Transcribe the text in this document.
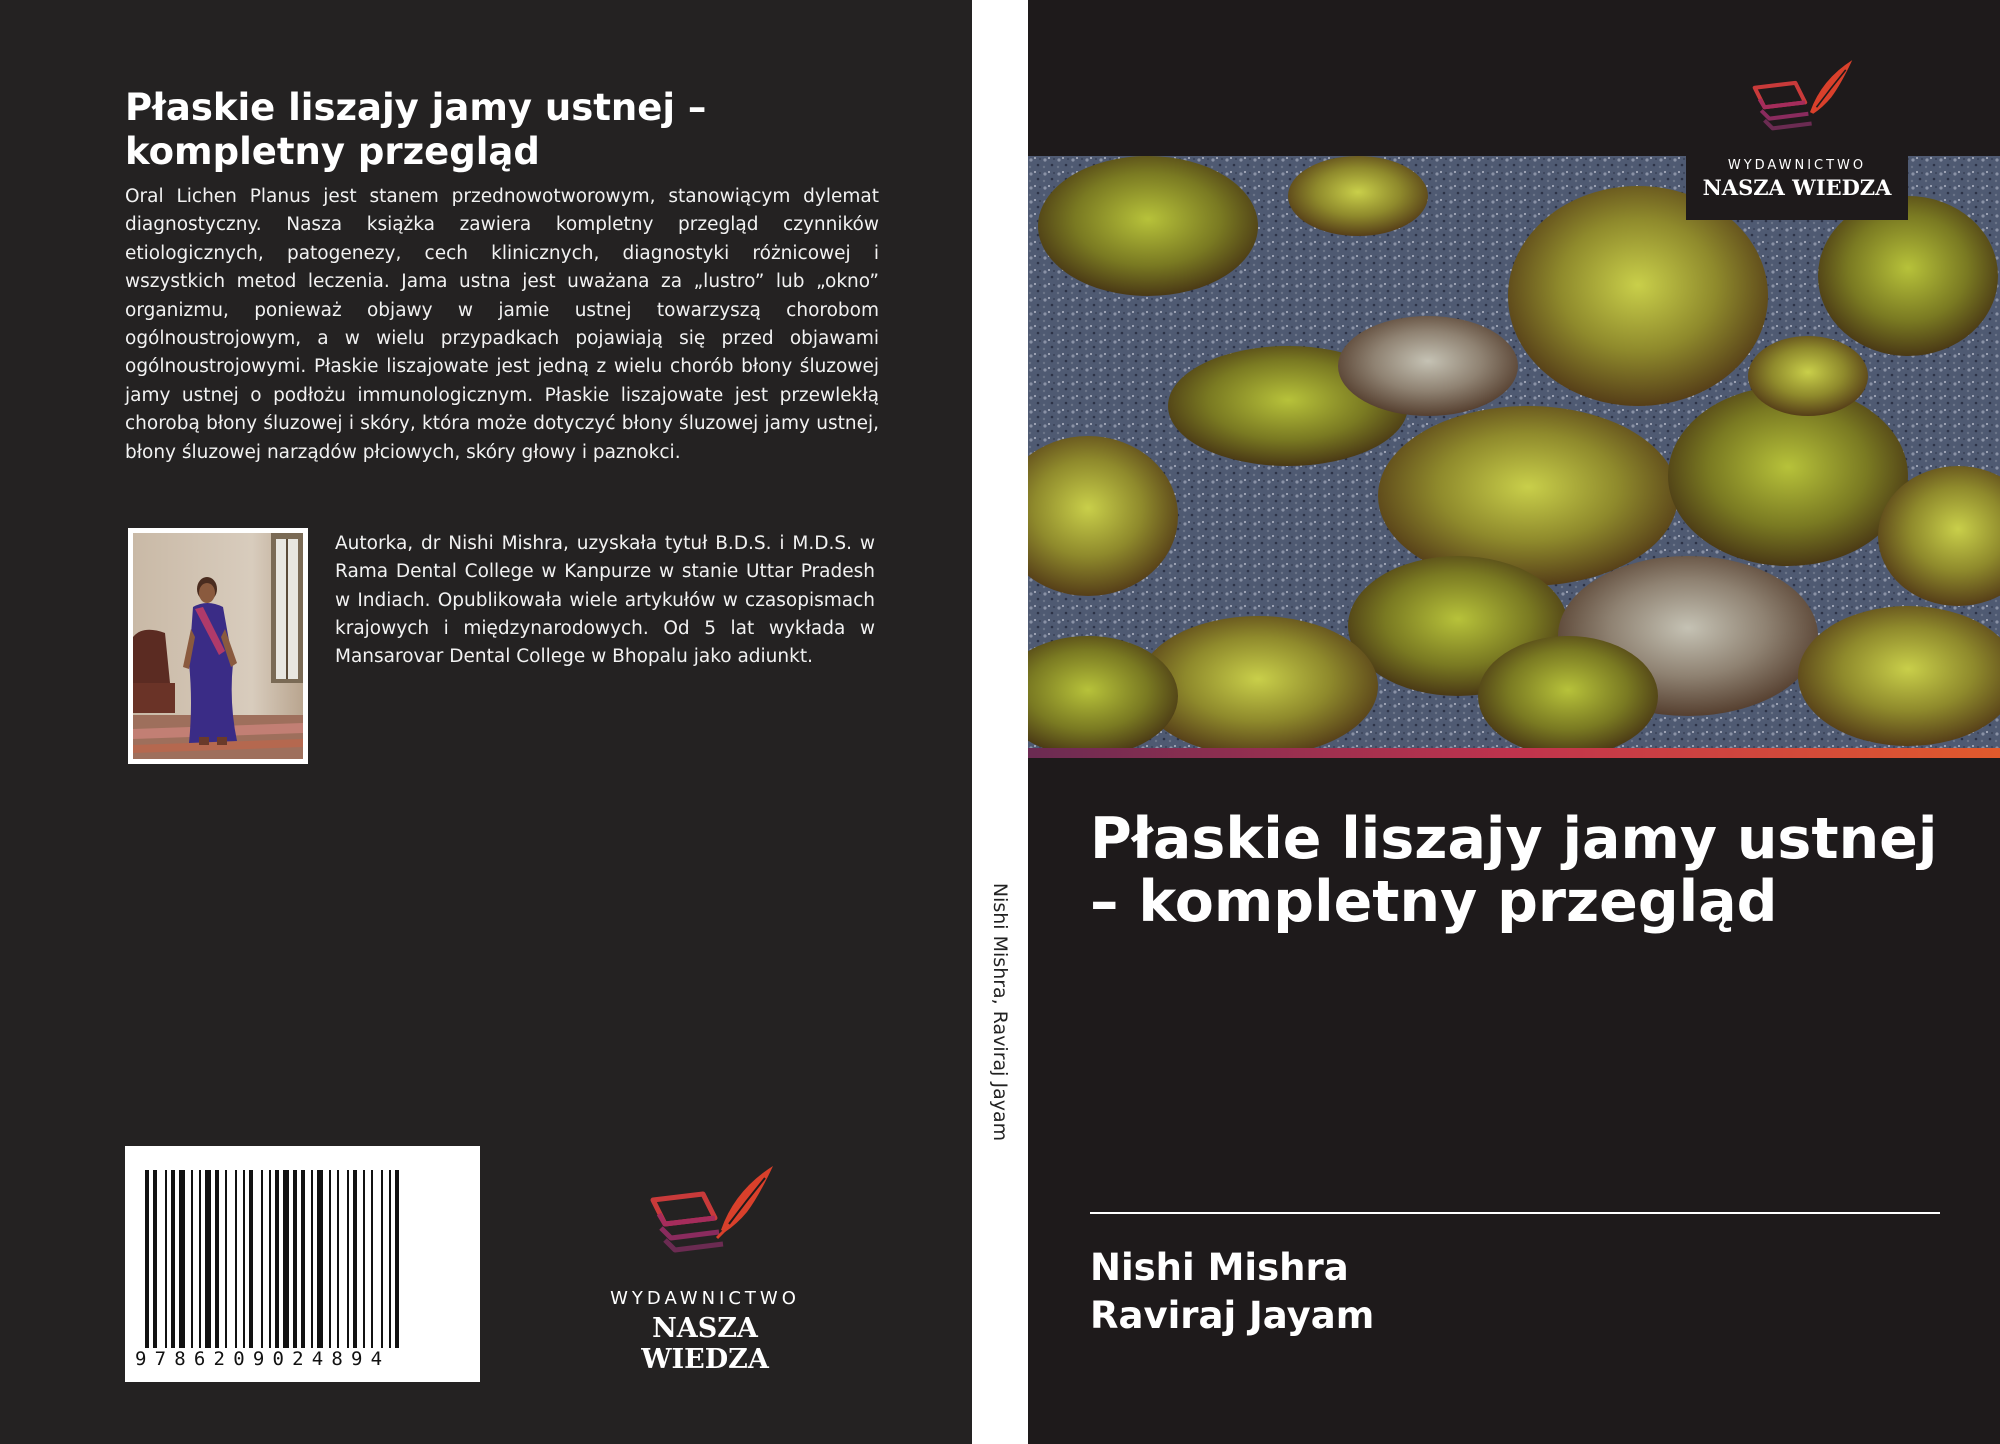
Płaskie liszajy jamy ustnej –
kompletny przegląd
Oral Lichen Planus jest stanem przednowotworowym, stanowiącym dylemat diagnostyczny. Nasza książka zawiera kompletny przegląd czynników etiologicznych, patogenezy, cech klinicznych, diagnostyki różnicowej i wszystkich metod leczenia. Jama ustna jest uważana za „lustro” lub „okno” organizmu, ponieważ objawy w jamie ustnej towarzyszą chorobom ogólnoustrojowym, a w wielu przypadkach pojawiają się przed objawami ogólnoustrojowymi. Płaskie liszajowate jest jedną z wielu chorób błony śluzowej jamy ustnej o podłożu immunologicznym. Płaskie liszajowate jest przewlekłą chorobą błony śluzowej i skóry, która może dotyczyć błony śluzowej jamy ustnej, błony śluzowej narządów płciowych, skóry głowy i paznokci.
Autorka, dr Nishi Mishra, uzyskała tytuł B.D.S. i M.D.S. w Rama Dental College w Kanpurze w stanie Uttar Pradesh w Indiach. Opublikowała wiele artykułów w czasopismach krajowych i międzynarodowych. Od 5 lat wykłada w Mansarovar Dental College w Bhopalu jako adiunkt.
9786209024894
WYDAWNICTWO
NASZA WIEDZA
Nishi Mishra, Raviraj Jayam
WYDAWNICTWO
NASZA WIEDZA
Płaskie liszajy jamy ustnej
– kompletny przegląd
Nishi Mishra
Raviraj Jayam
